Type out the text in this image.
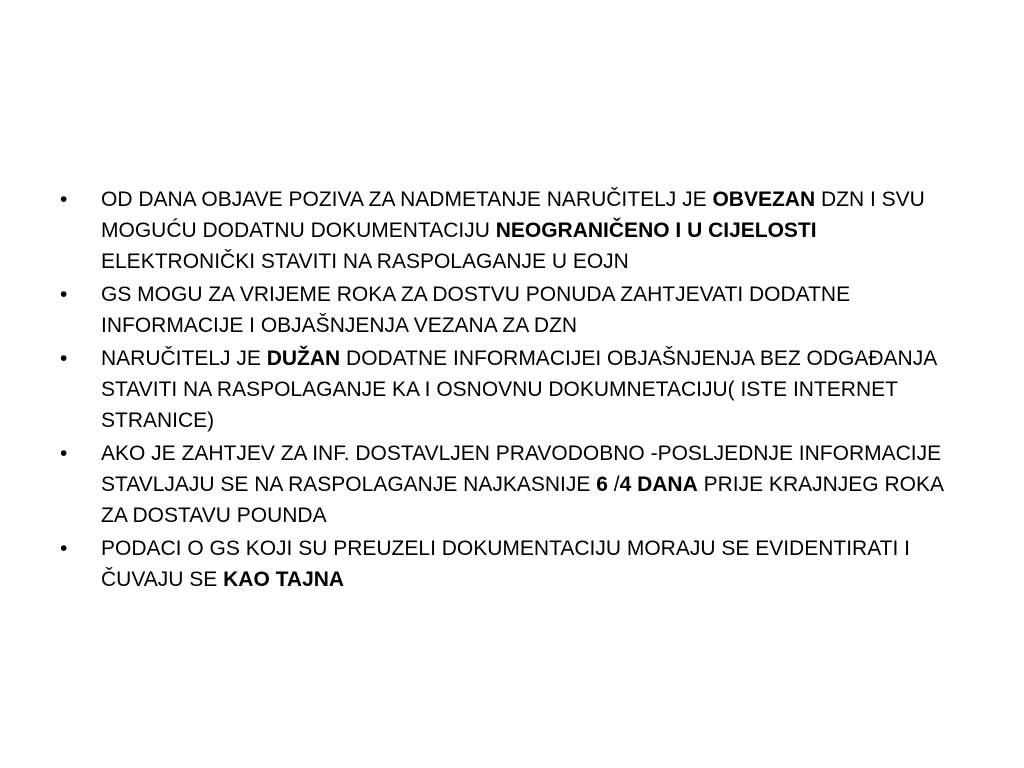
•	OD DANA OBJAVE POZIVA ZA NADMETANJE NARUČITELJ JE OBVEZAN DZN I SVU MOGUĆU DODATNU DOKUMENTACIJU NEOGRANIČENO I U CIJELOSTI ELEKTRONIČKI STAVITI NA RASPOLAGANJE U EOJN
•	GS MOGU ZA VRIJEME ROKA ZA DOSTVU PONUDA ZAHTJEVATI DODATNE INFORMACIJE I OBJAŠNJENJA VEZANA ZA DZN
•	NARUČITELJ JE DUŽAN DODATNE INFORMACIJEI OBJAŠNJENJA BEZ ODGAĐANJA STAVITI NA RASPOLAGANJE KA I OSNOVNU DOKUMNETACIJU( ISTE INTERNET STRANICE)
•	AKO JE ZAHTJEV ZA INF. DOSTAVLJEN PRAVODOBNO -POSLJEDNJE INFORMACIJE STAVLJAJU SE NA RASPOLAGANJE NAJKASNIJE 6 /4 DANA PRIJE KRAJNJEG ROKA ZA DOSTAVU POUNDA
•	PODACI O GS KOJI SU PREUZELI DOKUMENTACIJU MORAJU SE EVIDENTIRATI I ČUVAJU SE KAO TAJNA
